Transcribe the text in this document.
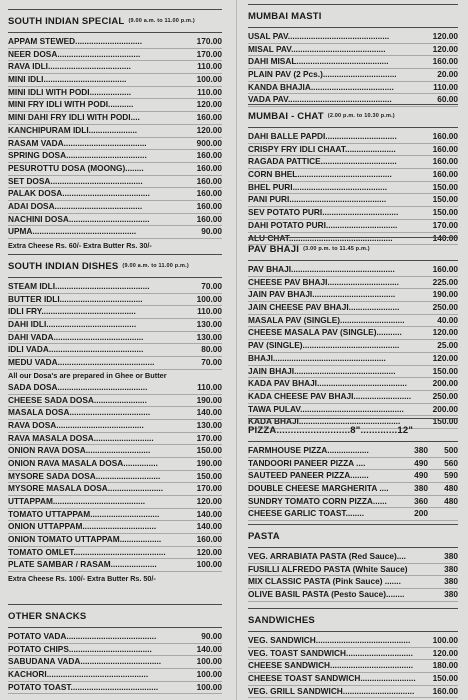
SOUTH INDIAN SPECIAL (9.00 a.m. to 11.00 p.m.)
APPAM STEWED.............................	170.00
NEER DOSA....................................	170.00
RAVA IDLI....................................	110.00
MINI IDLI....................................	100.00
MINI IDLI WITH PODI..................	110.00
MINI FRY IDLI WITH PODI...........	120.00
MINI DAHI FRY IDLI WITH PODI....	160.00
KANCHIPURAM IDLI.....................	120.00
RASAM VADA....................................	900.00
SPRING DOSA...................................	160.00
PESUROTTU DOSA (MOONG)........	160.00
SET DOSA........................................	160.00
PALAK DOSA......................................	160.00
ADAI DOSA......................................	160.00
NACHINI DOSA...................................	160.00
UPMA.............................................	90.00
Extra Cheese Rs. 60/- Extra Butter Rs. 30/-
SOUTH INDIAN DISHES (9.00 a.m. to 11.00 p.m.)
STEAM IDLI.........................................	70.00
BUTTER IDLI....................................	100.00
IDLI FRY.........................................	110.00
DAHI IDLI.......................................	130.00
DAHI VADA.......................................	130.00
IDLI VADA.........................................	80.00
MEDU VADA..........................................	70.00
All our Dosa's are prepared in Ghee or Butter
SADA DOSA.......................................	110.00
CHEESE SADA DOSA.......................	190.00
MASALA DOSA...................................	140.00
RAVA DOSA......................................	130.00
RAVA MASALA DOSA..........................	170.00
ONION RAVA DOSA............................	150.00
ONION RAVA MASALA DOSA...............	190.00
MYSORE SADA DOSA............................	150.00
MYSORE MASALA DOSA........................	170.00
UTTAPPAM........................................	120.00
TOMATO UTTAPPAM..............................	140.00
ONION UTTAPPAM................................	140.00
ONION TOMATO UTTAPPAM..................	160.00
TOMATO OMLET........................................	120.00
PLATE SAMBAR / RASAM....................	100.00
Extra Cheese Rs. 100/- Extra Butter Rs. 50/-
OTHER SNACKS
POTATO VADA.......................................	90.00
POTATO CHIPS....................................	140.00
SABUDANA VADA...................................	100.00
KACHORI............................................	100.00
POTATO TOAST......................................	100.00
MUMBAI MASTI
USAL PAV............................................	120.00
MISAL PAV.........................................	120.00
DAHI MISAL........................................	160.00
PLAIN PAV (2 Pcs.)................................	20.00
KANDA BHAJIA....................................	110.00
VADA PAV.............................................	60.00
MUMBAI - CHAT (2.00 p.m. to 10.30 p.m.)
DAHI BALLE PAPDI...............................	160.00
CRISPY FRY IDLI CHAAT......................	160.00
RAGADA PATTICE.................................	160.00
CORN BHEL.........................................	160.00
BHEL PURI.........................................	150.00
PANI PURI..........................................	150.00
SEV POTATO PURI.................................	150.00
DAHI POTATO PURI...............................	170.00
ALU CHAT.............................................	140.00
PAV BHAJI (3.00 p.m. to 11.45 p.m.)
PAV BHAJI.............................................	160.00
CHEESE PAV BHAJI...............................	225.00
JAIN PAV BHAJI....................................	190.00
JAIN CHEESE PAV BHAJI......................	250.00
MASALA PAV (SINGLE)............................	40.00
CHEESE MASALA PAV (SINGLE)...........	120.00
PAV (SINGLE)..........................................	25.00
BHAJI.................................................	120.00
JAIN BHAJI............................................	150.00
KADA PAV BHAJI.......................................	200.00
KADA CHEESE PAV BHAJI.........................	250.00
TAWA PULAV.............................................	200.00
KADA BHAJI............................................	150.00
PIZZA ..........................8" .............12"
FARMHOUSE PIZZA..................	380	500
TANDOORI PANEER PIZZA ....	490	560
SAUTEED PANEER PIZZA........	490	590
DOUBLE CHEESE MARGHERITA ....	380	480
SUNDRY TOMATO CORN PIZZA......	360	480
CHEESE GARLIC TOAST........	200
PASTA
VEG. ARRABIATA PASTA (Red Sauce)....	380
FUSILLI ALFREDO PASTA (White Sauce)	380
MIX CLASSIC PASTA (Pink Sauce) .......	380
OLIVE BASIL PASTA (Pesto Sauce)........	380
SANDWICHES
VEG. SANDWICH.........................................	100.00
VEG. TOAST SANDWICH.............................	120.00
CHEESE SANDWICH....................................	180.00
CHEESE TOAST SANDWICH........................	150.00
VEG. GRILL SANDWICH...............................	160.00
